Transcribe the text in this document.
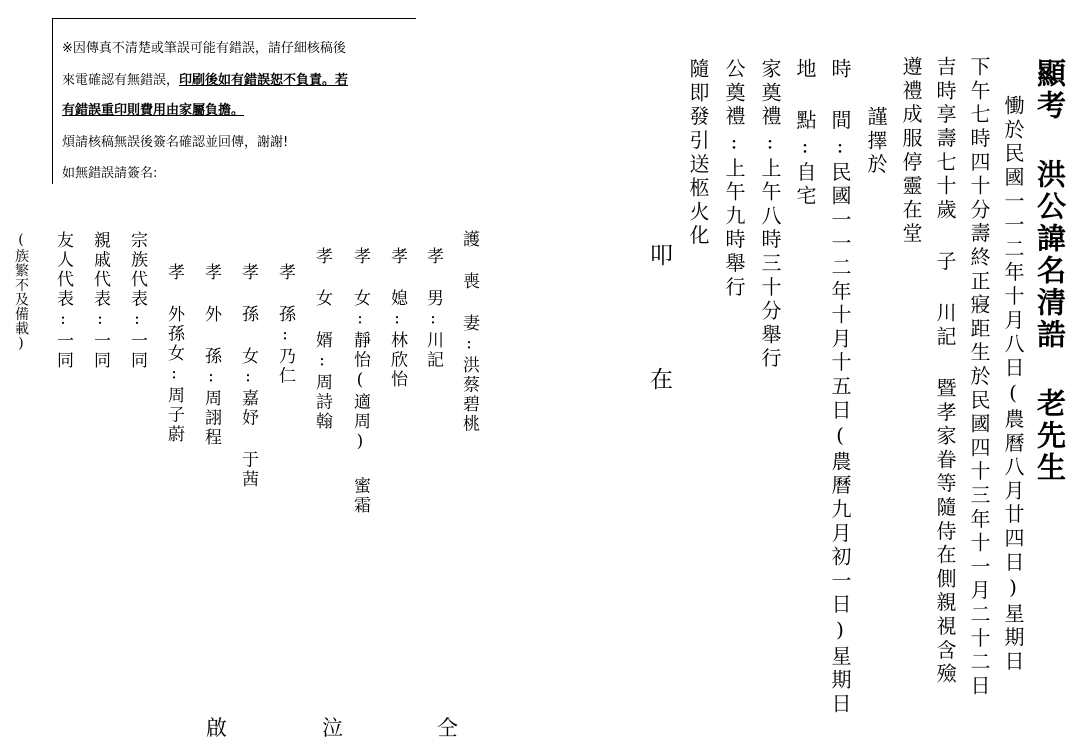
※因傳真不清楚或筆誤可能有錯誤，請仔細核稿後
來電確認有無錯誤，印刷後如有錯誤恕不負責。若
有錯誤重印則費用由家屬負擔。
煩請核稿無誤後簽名確認並回傳，謝謝!
如無錯誤請簽名:	顯考 洪公諱名清誥 老先生
慟於民國一一二年十月八日(農曆八月廿四日)星期日
下午七時四十分壽終正寢距生於民國四十三年十一月二十二日
吉時享壽七十歲 子 川記 暨孝家眷等隨侍在側親視含殮
遵禮成服停靈在堂
謹擇於
時 間:民國一一二年十月十五日(農曆九月初一日)星期日
地 點:自宅
家奠禮:上午八時三十分舉行
公奠禮:上午九時舉行
隨即發引送柩火化
叩
在
護 喪 妻:洪蔡碧桃
孝 男:川記
孝 媳:林欣怡
孝 女:靜怡(適周) 蜜霜
孝 女 婿:周詩翰
孝 孫:乃仁
孝 孫 女:嘉妤 于茜
孝 外 孫:周詡程
孝 外孫女:周子蔚
宗族代表:一同
親戚代表:一同
友人代表:一同
(族繁不及備載)
仝
泣
啟
